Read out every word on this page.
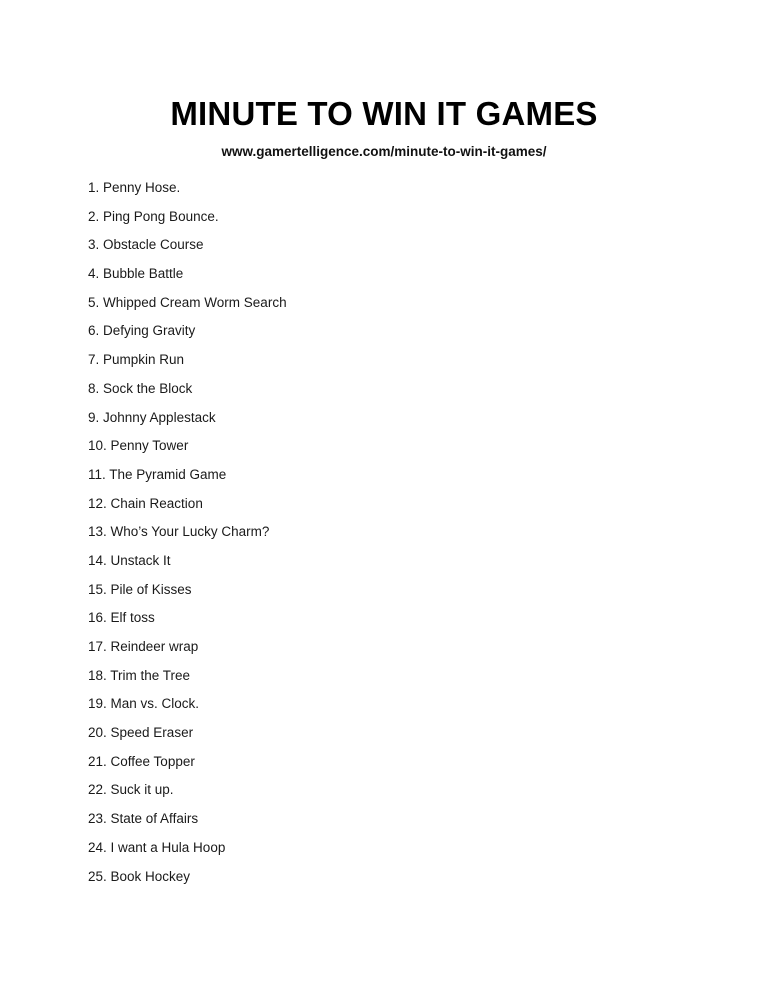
MINUTE TO WIN IT GAMES
www.gamertelligence.com/minute-to-win-it-games/
1. Penny Hose.
2. Ping Pong Bounce.
3. Obstacle Course
4. Bubble Battle
5. Whipped Cream Worm Search
6. Defying Gravity
7. Pumpkin Run
8. Sock the Block
9. Johnny Applestack
10. Penny Tower
11. The Pyramid Game
12. Chain Reaction
13. Who’s Your Lucky Charm?
14. Unstack It
15. Pile of Kisses
16. Elf toss
17. Reindeer wrap
18. Trim the Tree
19. Man vs. Clock.
20. Speed Eraser
21. Coffee Topper
22. Suck it up.
23. State of Affairs
24. I want a Hula Hoop
25. Book Hockey
